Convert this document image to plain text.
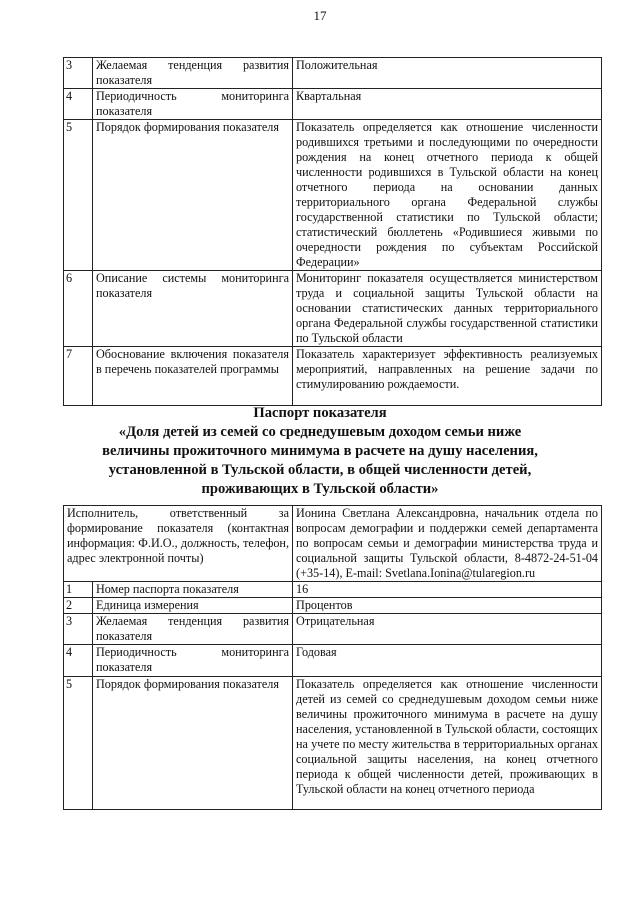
17
3	Желаемая тенденция развития показателя	Положительная
4	Периодичность мониторинга показателя	Квартальная
5	Порядок формирования показателя	Показатель определяется как отношение численности родившихся третьими и последующими по очередности рождения на конец отчетного периода к общей численности родившихся в Тульской области на конец отчетного периода на основании данных территориального органа Федеральной службы государственной статистики по Тульской области; статистический бюллетень «Родившиеся живыми по очередности рождения по субъектам Российской Федерации»
6	Описание системы мониторинга показателя	Мониторинг показателя осуществляется министерством труда и социальной защиты Тульской области на основании статистических данных территориального органа Федеральной службы государственной статистики по Тульской области
7	Обоснование включения показателя в перечень показателей программы	Показатель характеризует эффективность реализуемых мероприятий, направленных на решение задачи по стимулированию рождаемости.
Паспорт показателя
«Доля детей из семей со среднедушевым доходом семьи ниже
величины прожиточного минимума в расчете на душу населения,
установленной в Тульской области, в общей численности детей,
проживающих в Тульской области»
Исполнитель, ответственный за формирование показателя (контактная информация: Ф.И.О., должность, телефон, адрес электронной почты)		Ионина Светлана Александровна, начальник отдела по вопросам демографии и поддержки семей департамента по вопросам семьи и демографии министерства труда и социальной защиты Тульской области, 8-4872-24-51-04 (+35-14), E-mail: Svetlana.Ionina@tularegion.ru
1	Номер паспорта показателя	16
2	Единица измерения	Процентов
3	Желаемая тенденция развития показателя	Отрицательная
4	Периодичность мониторинга показателя	Годовая
5	Порядок формирования показателя	Показатель определяется как отношение численности детей из семей со среднедушевым доходом семьи ниже величины прожиточного минимума в расчете на душу населения, установленной в Тульской области, состоящих на учете по месту жительства в территориальных органах социальной защиты населения, на конец отчетного периода к общей численности детей, проживающих в Тульской области на конец отчетного периода
